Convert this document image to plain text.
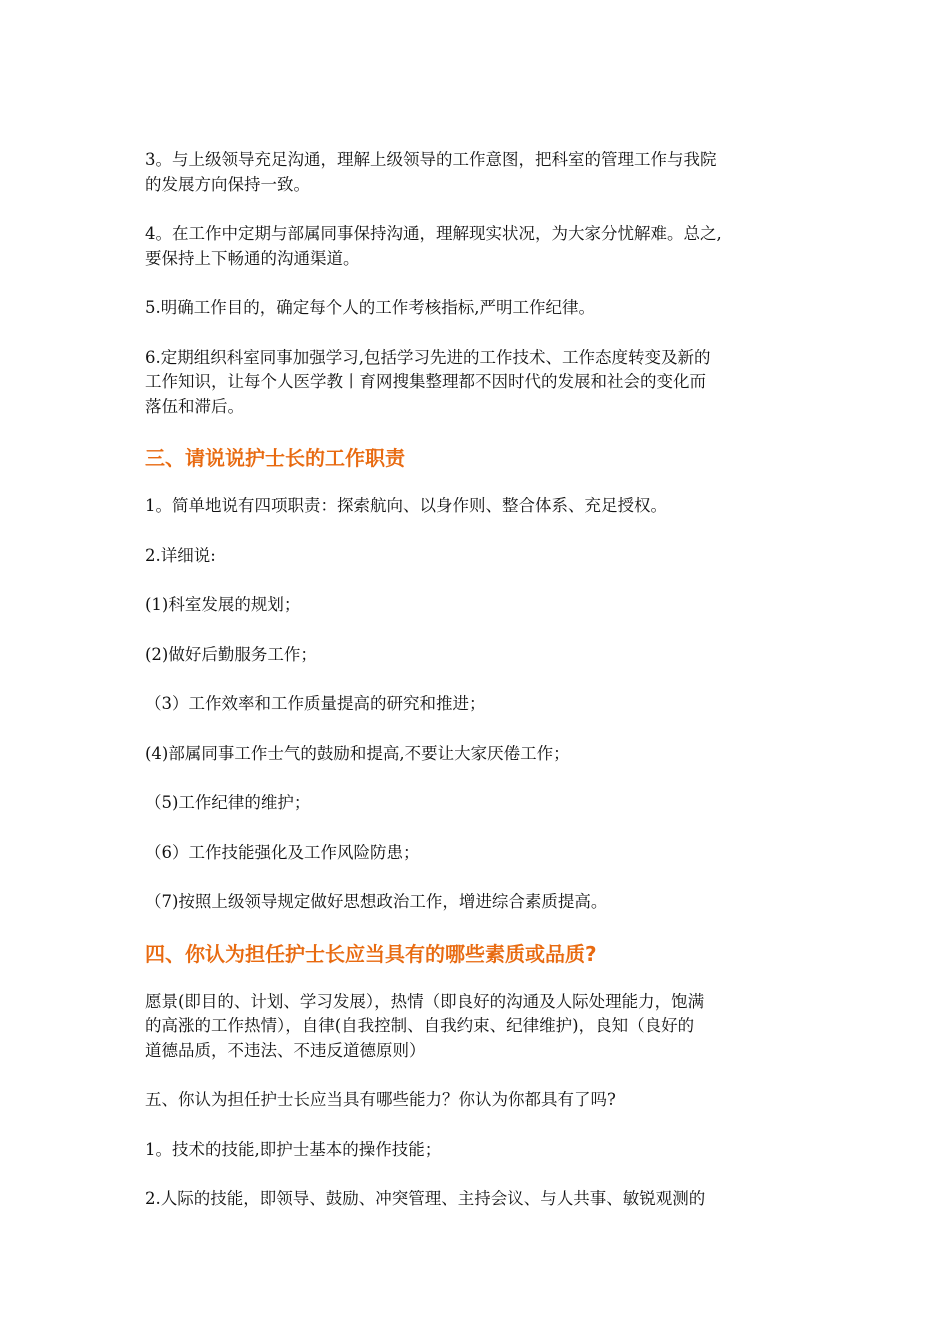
3。与上级领导充足沟通，理解上级领导的工作意图，把科室的管理工作与我院
的发展方向保持一致。
4。在工作中定期与部属同事保持沟通，理解现实状况，为大家分忧解难。总之,
要保持上下畅通的沟通渠道。
5.明确工作目的，确定每个人的工作考核指标,严明工作纪律。
6.定期组织科室同事加强学习,包括学习先进的工作技术、工作态度转变及新的
工作知识，让每个人医学教丨育网搜集整理都不因时代的发展和社会的变化而
落伍和滞后。
三、请说说护士长的工作职责
1。简单地说有四项职责：探索航向、以身作则、整合体系、充足授权。
2.详细说:
(1)科室发展的规划；
(2)做好后勤服务工作；
（3）工作效率和工作质量提高的研究和推进；
(4)部属同事工作士气的鼓励和提高,不要让大家厌倦工作；
（5)工作纪律的维护；
（6）工作技能强化及工作风险防患；
（7)按照上级领导规定做好思想政治工作，增进综合素质提高。
四、你认为担任护士长应当具有的哪些素质或品质?
愿景(即目的、计划、学习发展），热情（即良好的沟通及人际处理能力，饱满
的高涨的工作热情），自律(自我控制、自我约束、纪律维护)，良知（良好的
道德品质，不违法、不违反道德原则）
五、你认为担任护士长应当具有哪些能力？你认为你都具有了吗?
1。技术的技能,即护士基本的操作技能；
2.人际的技能，即领导、鼓励、冲突管理、主持会议、与人共事、敏锐观测的
